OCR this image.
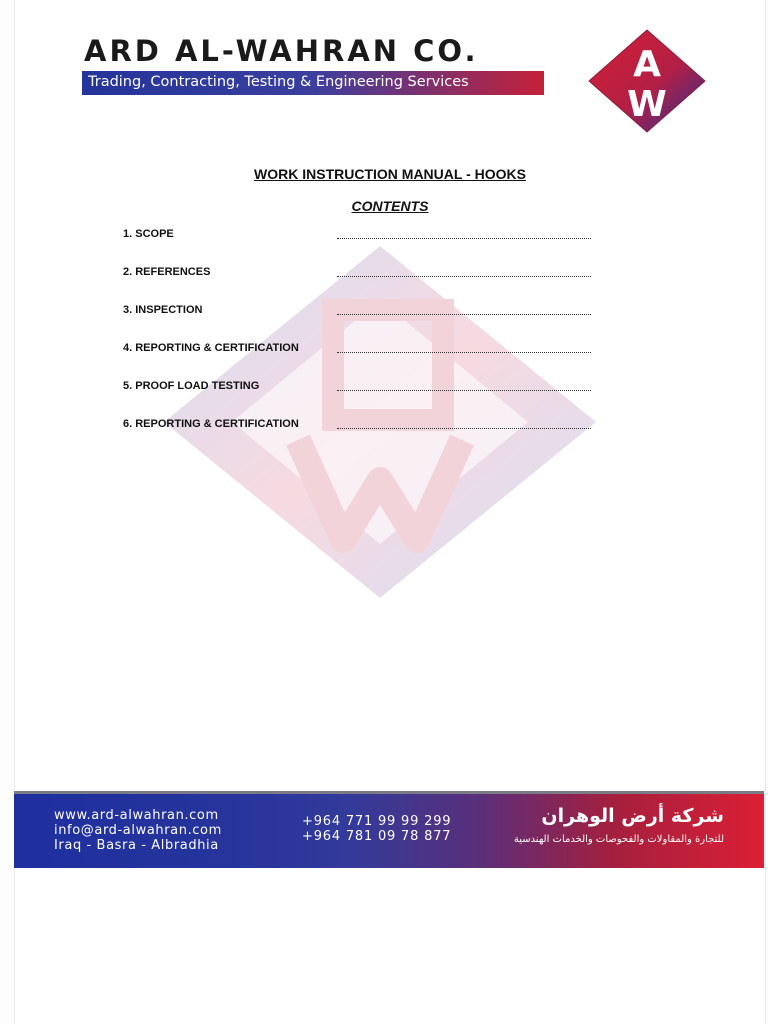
ARD AL-WAHRAN CO.
Trading, Contracting, Testing & Engineering Services	A
W
WORK INSTRUCTION MANUAL - HOOKS
CONTENTS
1. SCOPE
2. REFERENCES
3. INSPECTION
4. REPORTING & CERTIFICATION
5. PROOF LOAD TESTING
6. REPORTING & CERTIFICATION
www.ard-alwahran.com
info@ard-alwahran.com
Iraq - Basra - Albradhia
+964 771 99 99 299
+964 781 09 78 877
شركة أرض الوهران
للتجارة والمقاولات والفحوصات والخدمات الهندسية
